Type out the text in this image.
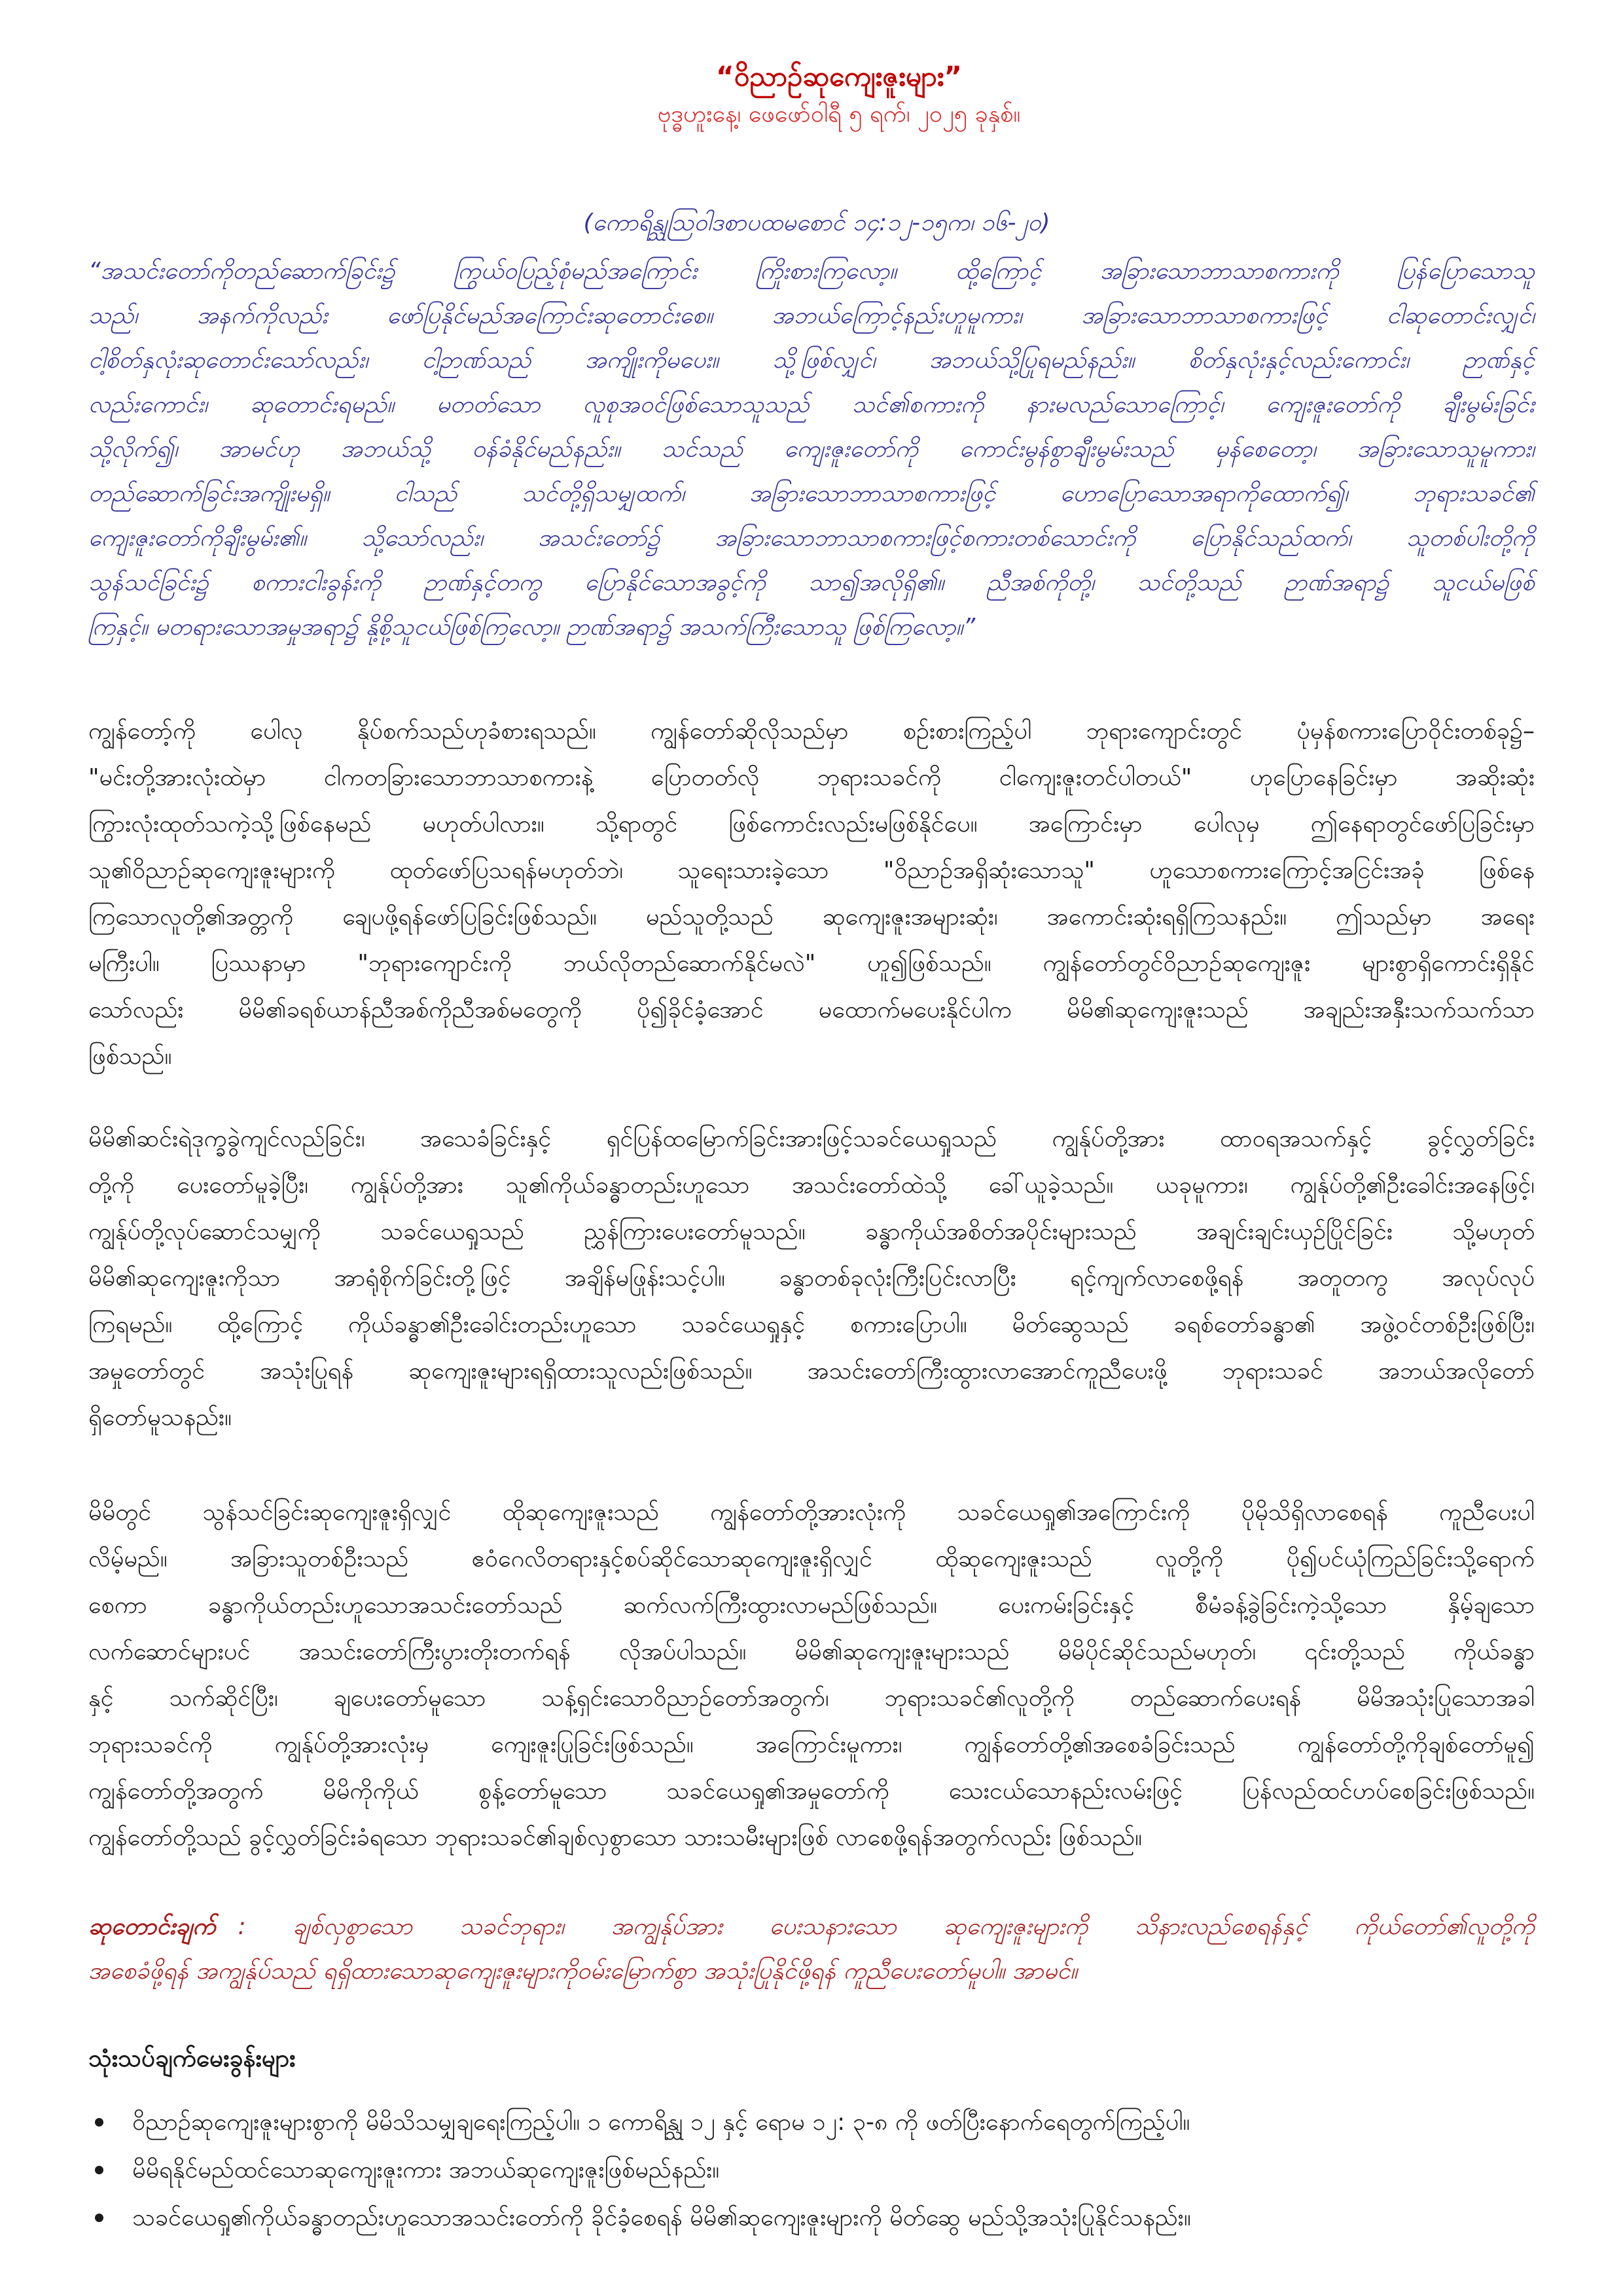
“ဝိညာဉ်ဆုကျေးဇူးများ”
ဗုဒ္ဓဟူးနေ့၊ ဖေဖော်ဝါရီ ၅ ရက်၊ ၂၀၂၅ ခုနှစ်။
(ကောရိန္သုဩဝါဒစာပထမစောင် ၁၄:၁၂-၁၅က၊ ၁၆-၂၀)
“အသင်းတော်ကိုတည်ဆောက်ခြင်း၌ ကြွယ်ဝပြည့်စုံမည်အကြောင်း ကြိုးစားကြလော့။ ထို့ကြောင့် အခြားသောဘာသာစကားကို ပြန်ပြောသောသူ
သည်၊ အနက်ကိုလည်း ဖော်ပြနိုင်မည်အကြောင်းဆုတောင်းစေ။ အဘယ်ကြောင့်နည်းဟူမူကား၊ အခြားသောဘာသာစကားဖြင့် ငါဆုတောင်းလျှင်၊
ငါ့စိတ်နှလုံးဆုတောင်းသော်လည်း၊ ငါ့ဉာဏ်သည် အကျိုးကိုမပေး။ သို့ဖြစ်လျှင်၊ အဘယ်သို့ပြုရမည်နည်း။ စိတ်နှလုံးနှင့်လည်းကောင်း၊ ဉာဏ်နှင့်
လည်းကောင်း၊ ဆုတောင်းရမည်။ မတတ်သော လူစုအဝင်ဖြစ်သောသူသည် သင်၏စကားကို နားမလည်သောကြောင့်၊ ကျေးဇူးတော်ကို ချီးမွမ်းခြင်း
သို့လိုက်၍၊ အာမင်ဟု အဘယ်သို့ ဝန်ခံနိုင်မည်နည်း။ သင်သည် ကျေးဇူးတော်ကို ကောင်းမွန်စွာချီးမွမ်းသည် မှန်စေတော့၊ အခြားသောသူမူကား၊
တည်ဆောက်ခြင်းအကျိုးမရှိ။ ငါသည် သင်တို့ရှိသမျှထက်၊ အခြားသောဘာသာစကားဖြင့် ဟောပြောသောအရာကိုထောက်၍၊ ဘုရားသခင်၏
ကျေးဇူးတော်ကိုချီးမွမ်း၏။ သို့သော်လည်း၊ အသင်းတော်၌ အခြားသောဘာသာစကားဖြင့်စကားတစ်သောင်းကို ပြောနိုင်သည်ထက်၊ သူတစ်ပါးတို့ကို
သွန်သင်ခြင်း၌ စကားငါးခွန်းကို ဉာဏ်နှင့်တကွ ပြောနိုင်သောအခွင့်ကို သာ၍အလိုရှိ၏။ ညီအစ်ကိုတို့၊ သင်တို့သည် ဉာဏ်အရာ၌ သူငယ်မဖြစ်
ကြနှင့်။ မတရားသောအမှုအရာ၌ နို့စို့သူငယ်ဖြစ်ကြလော့။ ဉာဏ်အရာ၌ အသက်ကြီးသောသူ ဖြစ်ကြလော့။”
ကျွန်တော့်ကို ပေါလု နိုပ်စက်သည်ဟုခံစားရသည်။ ကျွန်တော်ဆိုလိုသည်မှာ စဉ်းစားကြည့်ပါ ဘုရားကျောင်းတွင် ပုံမှန်စကားပြောဝိုင်းတစ်ခု၌–
"မင်းတို့အားလုံးထဲမှာ ငါကတခြားသောဘာသာစကားနဲ့ ပြောတတ်လို ဘုရားသခင်ကို ငါကျေးဇူးတင်ပါတယ်" ဟုပြောနေခြင်းမှာ အဆိုးဆုံး
ကြွားလုံးထုတ်သကဲ့သို့ဖြစ်နေမည် မဟုတ်ပါလား။ သို့ရာတွင် ဖြစ်ကောင်းလည်းမဖြစ်နိုင်ပေ။ အကြောင်းမှာ ပေါလုမှ ဤနေရာတွင်ဖော်ပြခြင်းမှာ
သူ၏ဝိညာဉ်ဆုကျေးဇူးများကို ထုတ်ဖော်ပြသရန်မဟုတ်ဘဲ၊ သူရေးသားခဲ့သော "ဝိညာဉ်အရှိဆုံးသောသူ" ဟူသောစကားကြောင့်အငြင်းအခုံ ဖြစ်နေ
ကြသောလူတို့၏အတ္တကို ချေပဖို့ရန်ဖော်ပြခြင်းဖြစ်သည်။ မည်သူတို့သည် ဆုကျေးဇူးအများဆုံး၊ အကောင်းဆုံးရရှိကြသနည်း။ ဤသည်မှာ အရေး
မကြီးပါ။ ပြဿနာမှာ "ဘုရားကျောင်းကို ဘယ်လိုတည်ဆောက်နိုင်မလဲ" ဟူ၍ဖြစ်သည်။ ကျွန်တော်တွင်ဝိညာဉ်ဆုကျေးဇူး များစွာရှိကောင်းရှိနိုင်
သော်လည်း မိမိ၏ခရစ်ယာန်ညီအစ်ကိုညီအစ်မတွေကို ပို၍ခိုင်ခံ့အောင် မထောက်မပေးနိုင်ပါက မိမိ၏ဆုကျေးဇူးသည် အချည်းအနှီးသက်သက်သာ
ဖြစ်သည်။
မိမိ၏ဆင်းရဲဒုက္ခခွဲကျင်လည်ခြင်း၊ အသေခံခြင်းနှင့် ရှင်ပြန်ထမြောက်ခြင်းအားဖြင့်သခင်ယေရှုသည် ကျွန်ုပ်တို့အား ထာဝရအသက်နှင့် ခွင့်လွှတ်ခြင်း
တို့ကို ပေးတော်မူခဲ့ပြီး၊ ကျွန်ုပ်တို့အား သူ၏ကိုယ်ခန္ဓာတည်းဟူသော အသင်းတော်ထဲသို့ ခေါ်ယူခဲ့သည်။ ယခုမူကား၊ ကျွန်ုပ်တို့၏ဦးခေါင်းအနေဖြင့်၊
ကျွန်ုပ်တို့လုပ်ဆောင်သမျှကို သခင်ယေရှုသည် ညွှန်ကြားပေးတော်မူသည်။ ခန္ဓာကိုယ်အစိတ်အပိုင်းများသည် အချင်းချင်းယှဉ်ပြိုင်ခြင်း သို့မဟုတ်
မိမိ၏ဆုကျေးဇူးကိုသာ အာရုံစိုက်ခြင်းတို့ဖြင့် အချိန်မဖြုန်းသင့်ပါ။ ခန္ဓာတစ်ခုလုံးကြီးပြင်းလာပြီး ရင့်ကျက်လာစေဖို့ရန် အတူတကွ အလုပ်လုပ်
ကြရမည်။ ထို့ကြောင့် ကိုယ်ခန္ဓာ၏ဦးခေါင်းတည်းဟူသော သခင်ယေရှုနှင့် စကားပြောပါ။ မိတ်ဆွေသည် ခရစ်တော်ခန္ဓာ၏ အဖွဲ့ဝင်တစ်ဦးဖြစ်ပြီး၊
အမှုတော်တွင် အသုံးပြုရန် ဆုကျေးဇူးများရရှိထားသူလည်းဖြစ်သည်။ အသင်းတော်ကြီးထွားလာအောင်ကူညီပေးဖို့ ဘုရားသခင် အဘယ်အလိုတော်
ရှိတော်မူသနည်း။
မိမိတွင် သွန်သင်ခြင်းဆုကျေးဇူးရှိလျှင် ထိုဆုကျေးဇူးသည် ကျွန်တော်တို့အားလုံးကို သခင်ယေရှု၏အကြောင်းကို ပိုမိုသိရှိလာစေရန် ကူညီပေးပါ
လိမ့်မည်။ အခြားသူတစ်ဦးသည် ဧဝံဂေလိတရားနှင့်စပ်ဆိုင်သောဆုကျေးဇူးရှိလျှင် ထိုဆုကျေးဇူးသည် လူတို့ကို ပို၍ပင်ယုံကြည်ခြင်းသို့ရောက်
စေကာ ခန္ဓာကိုယ်တည်းဟူသောအသင်းတော်သည် ဆက်လက်ကြီးထွားလာမည်ဖြစ်သည်။ ပေးကမ်းခြင်းနှင့် စီမံခန့်ခွဲခြင်းကဲ့သို့သော နှိမ့်ချသော
လက်ဆောင်များပင် အသင်းတော်ကြီးပွားတိုးတက်ရန် လိုအပ်ပါသည်။ မိမိ၏ဆုကျေးဇူးများသည် မိမိပိုင်ဆိုင်သည်မဟုတ်၊ ၎င်းတို့သည် ကိုယ်ခန္ဓာ
နှင့် သက်ဆိုင်ပြီး၊ ချပေးတော်မူသော သန့်ရှင်းသောဝိညာဉ်တော်အတွက်၊ ဘုရားသခင်၏လူတို့ကို တည်ဆောက်ပေးရန် မိမိအသုံးပြုသောအခါ
ဘုရားသခင်ကို ကျွန်ုပ်တို့အားလုံးမှ ကျေးဇူးပြုခြင်းဖြစ်သည်။ အကြောင်းမူကား၊ ကျွန်တော်တို့၏အစေခံခြင်းသည် ကျွန်တော်တို့ကိုချစ်တော်မူ၍
ကျွန်တော်တို့အတွက် မိမိကိုကိုယ် စွန့်တော်မူသော သခင်ယေရှု၏အမှုတော်ကို သေးငယ်သောနည်းလမ်းဖြင့် ပြန်လည်ထင်ဟပ်စေခြင်းဖြစ်သည်။
ကျွန်တော်တို့သည် ခွင့်လွှတ်ခြင်းခံရသော ဘုရားသခင်၏ချစ်လှစွာသော သားသမီးများဖြစ် လာစေဖို့ရန်အတွက်လည်း ဖြစ်သည်။
ဆုတောင်းချက် : ချစ်လှစွာသော သခင်ဘုရား၊ အကျွန်ုပ်အား ပေးသနားသော ဆုကျေးဇူးများကို သိနားလည်စေရန်နှင့် ကိုယ်တော်၏လူတို့ကို
အစေခံဖို့ရန် အကျွန်ုပ်သည် ရရှိထားသောဆုကျေးဇူးများကိုဝမ်းမြောက်စွာ အသုံးပြုနိုင်ဖို့ရန် ကူညီပေးတော်မူပါ။ အာမင်။
သုံးသပ်ချက်မေးခွန်းများ
ဝိညာဉ်ဆုကျေးဇူးများစွာကို မိမိသိသမျှချရေးကြည့်ပါ။ ၁ ကောရိန္သု ၁၂ နှင့် ရောမ ၁၂: ၃-၈ ကို ဖတ်ပြီးနောက်ရေတွက်ကြည့်ပါ။
မိမိရနိုင်မည်ထင်သောဆုကျေးဇူးကား အဘယ်ဆုကျေးဇူးဖြစ်မည်နည်း။
သခင်ယေရှု၏ကိုယ်ခန္ဓာတည်းဟူသောအသင်းတော်ကို ခိုင်ခံ့စေရန် မိမိ၏ဆုကျေးဇူးများကို မိတ်ဆွေ မည်သို့အသုံးပြုနိုင်သနည်း။
